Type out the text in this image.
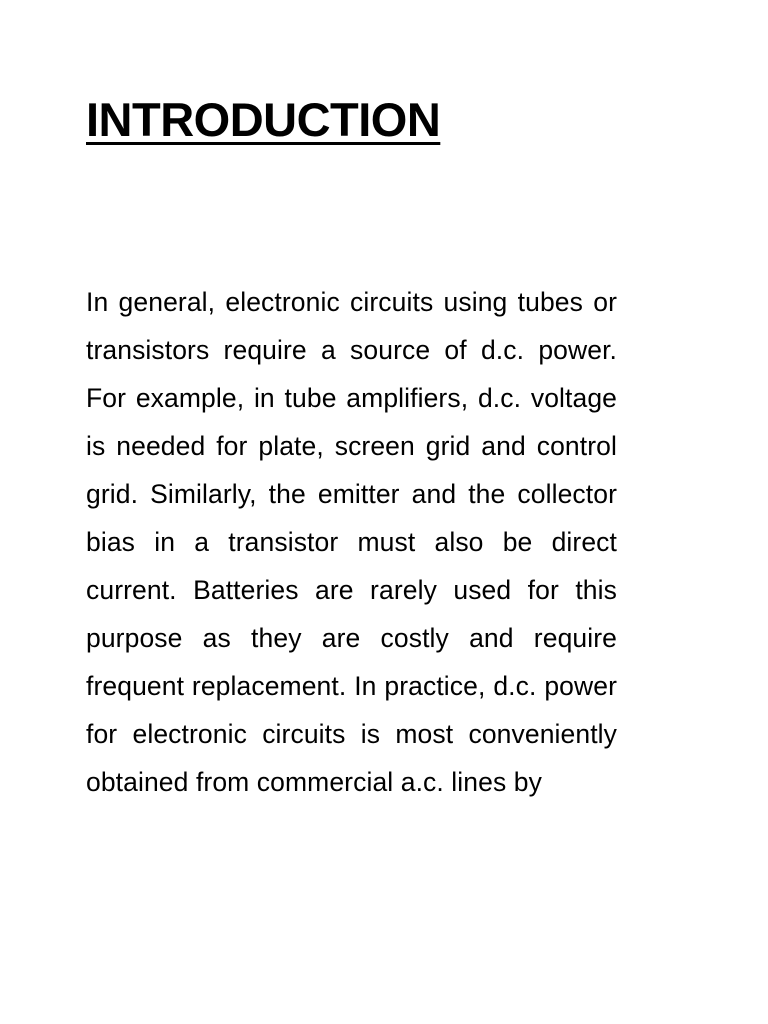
INTRODUCTION

In general, electronic circuits using tubes or transistors require a source of d.c. power. For example, in tube amplifiers, d.c. voltage is needed for plate, screen grid and control grid. Similarly, the emitter and the collector bias in a transistor must also be direct current. Batteries are rarely used for this purpose as they are costly and require frequent replacement. In practice, d.c. power for electronic circuits is most conveniently obtained from commercial a.c. lines by
